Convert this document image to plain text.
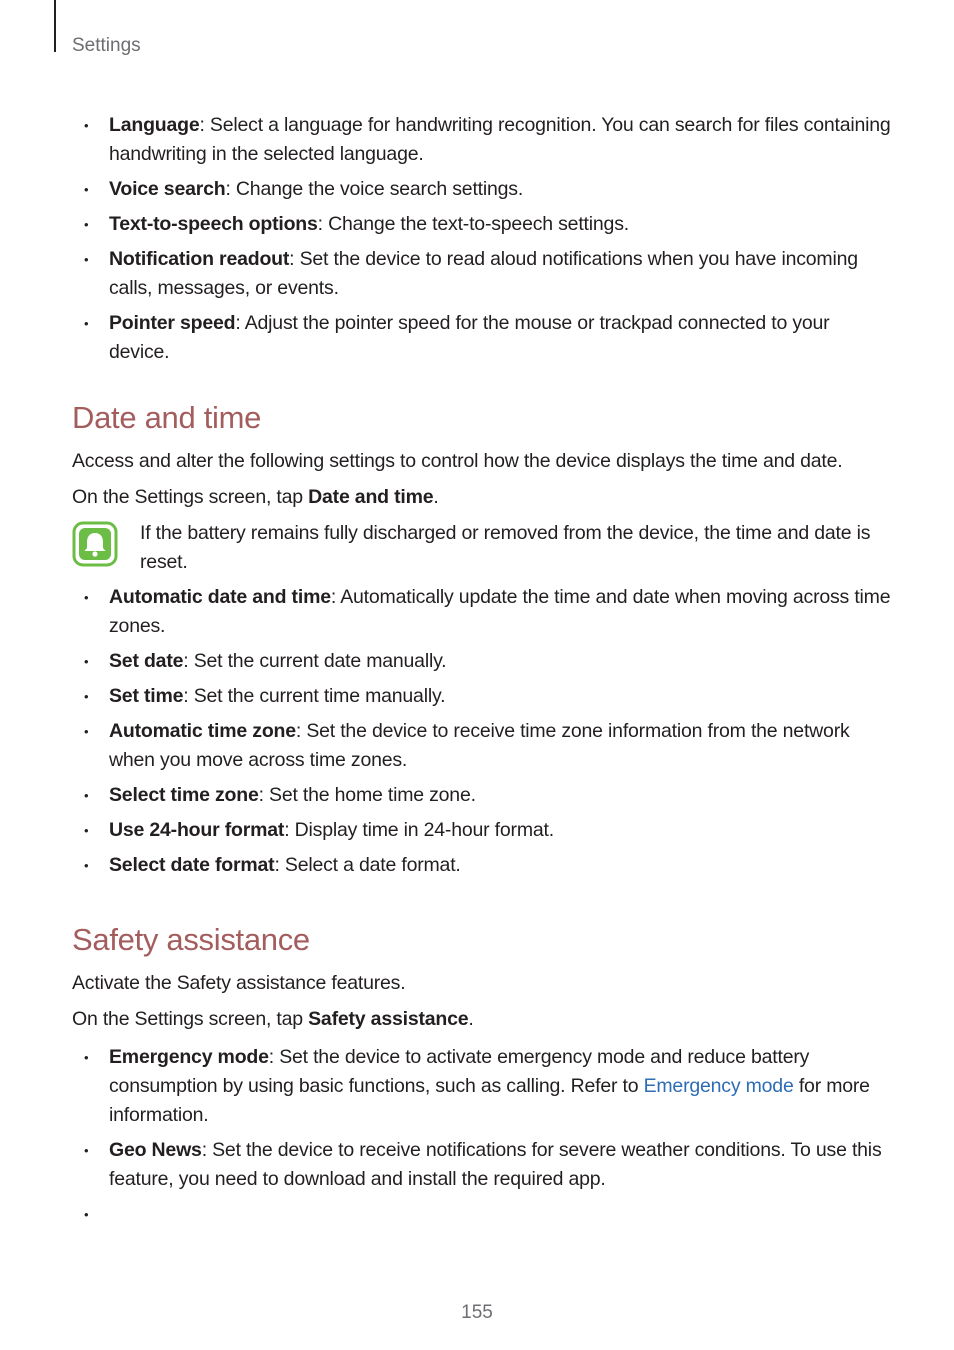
Settings
• Language: Select a language for handwriting recognition. You can search for files containing handwriting in the selected language.
• Voice search: Change the voice search settings.
• Text-to-speech options: Change the text-to-speech settings.
• Notification readout: Set the device to read aloud notifications when you have incoming calls, messages, or events.
• Pointer speed: Adjust the pointer speed for the mouse or trackpad connected to your device.
Date and time

Access and alter the following settings to control how the device displays the time and date.

On the Settings screen, tap Date and time.

If the battery remains fully discharged or removed from the device, the time and date is reset.
• Automatic date and time: Automatically update the time and date when moving across time zones.
• Set date: Set the current date manually.
• Set time: Set the current time manually.
• Automatic time zone: Set the device to receive time zone information from the network when you move across time zones.
• Select time zone: Set the home time zone.
• Use 24-hour format: Display time in 24-hour format.
• Select date format: Select a date format.
Safety assistance

Activate the Safety assistance features.

On the Settings screen, tap Safety assistance.

• Emergency mode: Set the device to activate emergency mode and reduce battery consumption by using basic functions, such as calling. Refer to Emergency mode for more information.
• Geo News: Set the device to receive notifications for severe weather conditions. To use this feature, you need to download and install the required app.
•
155
